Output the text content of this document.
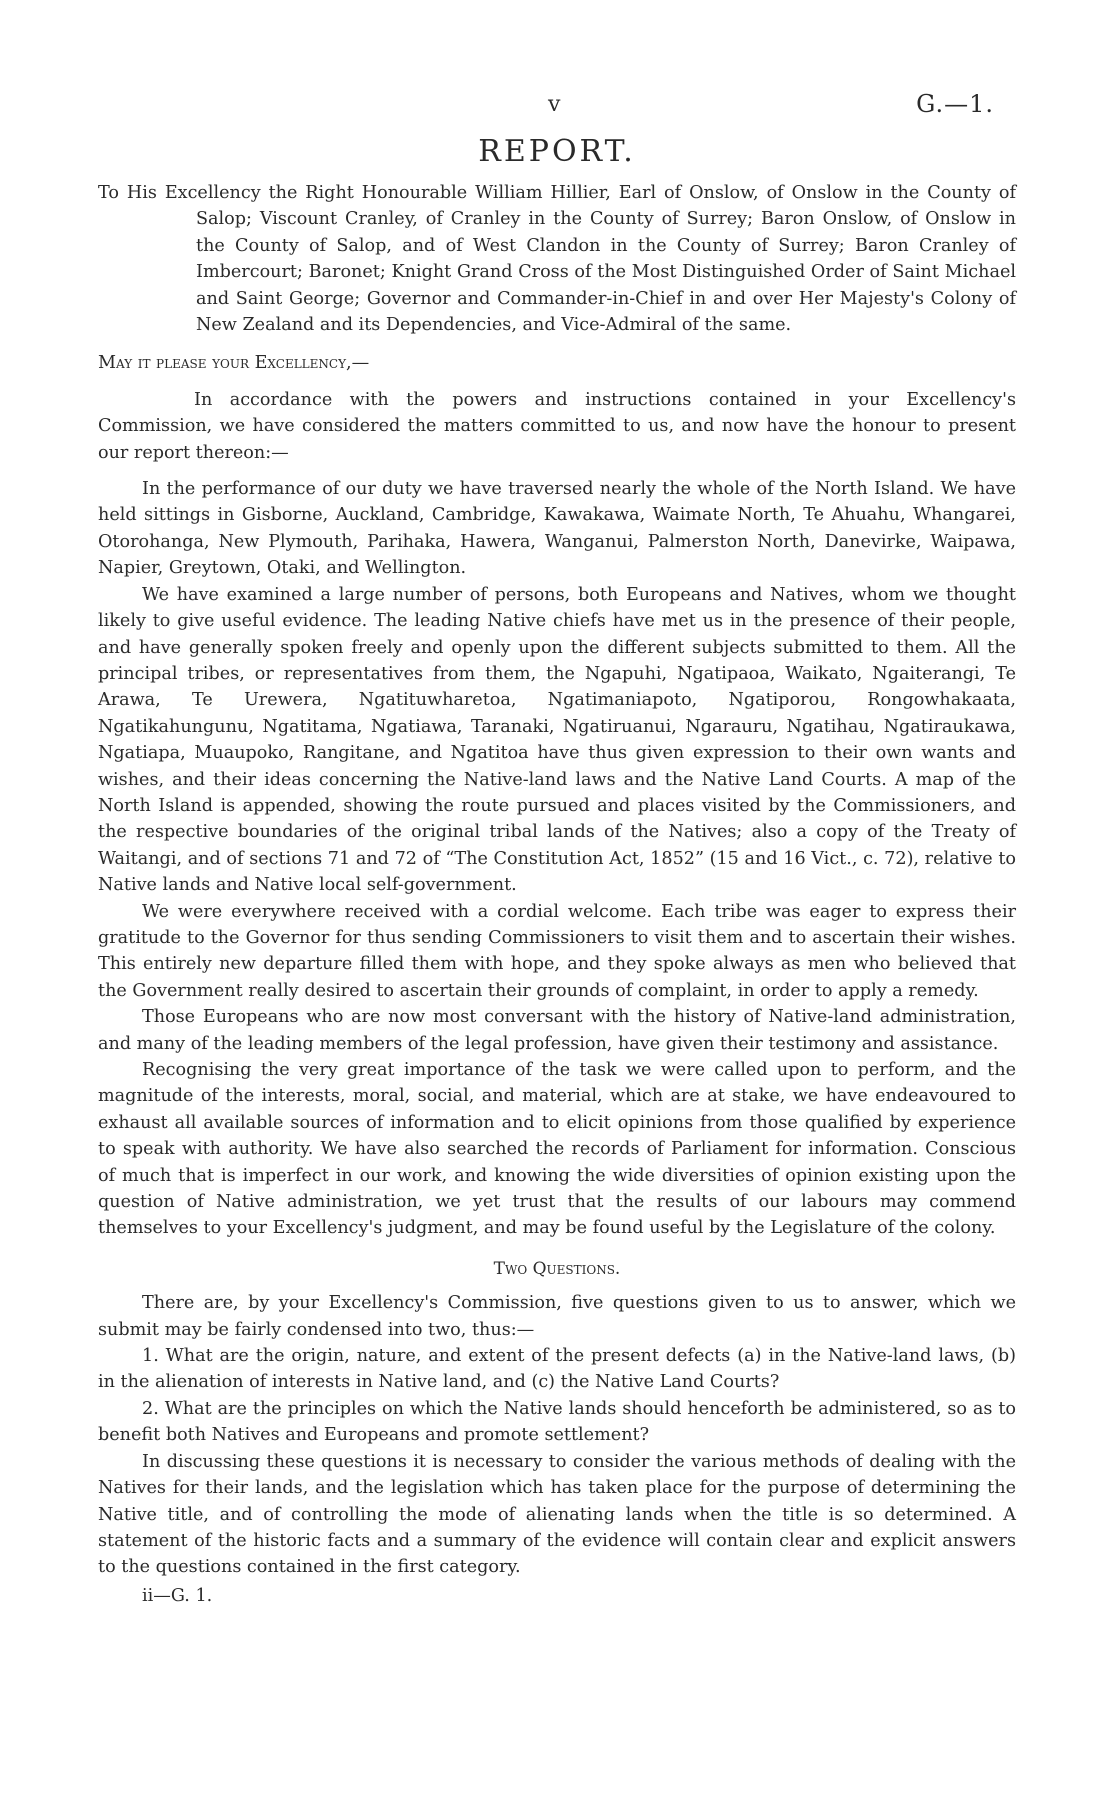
v	G.—1.
REPORT.
To His Excellency the Right Honourable William Hillier, Earl of Onslow, of Onslow in the County of Salop; Viscount Cranley, of Cranley in the County of Surrey; Baron Onslow, of Onslow in the County of Salop, and of West Clandon in the County of Surrey; Baron Cranley of Imbercourt; Baronet; Knight Grand Cross of the Most Distinguished Order of Saint Michael and Saint George; Governor and Commander-in-Chief in and over Her Majesty's Colony of New Zealand and its Dependencies, and Vice-Admiral of the same.
May it please your Excellency,—

In accordance with the powers and instructions contained in your Excellency's Commission, we have considered the matters committed to us, and now have the honour to present our report thereon:—

In the performance of our duty we have traversed nearly the whole of the North Island. We have held sittings in Gisborne, Auckland, Cambridge, Kawakawa, Waimate North, Te Ahuahu, Whangarei, Otorohanga, New Plymouth, Parihaka, Hawera, Wanganui, Palmerston North, Danevirke, Waipawa, Napier, Greytown, Otaki, and Wellington.

We have examined a large number of persons, both Europeans and Natives, whom we thought likely to give useful evidence. The leading Native chiefs have met us in the presence of their people, and have generally spoken freely and openly upon the different subjects submitted to them. All the principal tribes, or representatives from them, the Ngapuhi, Ngatipaoa, Waikato, Ngaiterangi, Te Arawa, Te Urewera, Ngatituwharetoa, Ngatimaniapoto, Ngatiporou, Rongowhakaata, Ngatikahungunu, Ngatitama, Ngatiawa, Taranaki, Ngatiruanui, Ngarauru, Ngatihau, Ngatiraukawa, Ngatiapa, Muaupoko, Rangitane, and Ngatitoa have thus given expression to their own wants and wishes, and their ideas concerning the Native-land laws and the Native Land Courts. A map of the North Island is appended, showing the route pursued and places visited by the Commissioners, and the respective boundaries of the original tribal lands of the Natives; also a copy of the Treaty of Waitangi, and of sections 71 and 72 of “The Constitution Act, 1852” (15 and 16 Vict., c. 72), relative to Native lands and Native local self-government.

We were everywhere received with a cordial welcome. Each tribe was eager to express their gratitude to the Governor for thus sending Commissioners to visit them and to ascertain their wishes. This entirely new departure filled them with hope, and they spoke always as men who believed that the Government really desired to ascertain their grounds of complaint, in order to apply a remedy.

Those Europeans who are now most conversant with the history of Native-land administration, and many of the leading members of the legal profession, have given their testimony and assistance.

Recognising the very great importance of the task we were called upon to perform, and the magnitude of the interests, moral, social, and material, which are at stake, we have endeavoured to exhaust all available sources of information and to elicit opinions from those qualified by experience to speak with authority. We have also searched the records of Parliament for information. Conscious of much that is imperfect in our work, and knowing the wide diversities of opinion existing upon the question of Native administration, we yet trust that the results of our labours may commend themselves to your Excellency's judgment, and may be found useful by the Legislature of the colony.

Two Questions.

There are, by your Excellency's Commission, five questions given to us to answer, which we submit may be fairly condensed into two, thus:—

1. What are the origin, nature, and extent of the present defects (a) in the Native-land laws, (b) in the alienation of interests in Native land, and (c) the Native Land Courts?

2. What are the principles on which the Native lands should henceforth be administered, so as to benefit both Natives and Europeans and promote settlement?

In discussing these questions it is necessary to consider the various methods of dealing with the Natives for their lands, and the legislation which has taken place for the purpose of determining the Native title, and of controlling the mode of alienating lands when the title is so determined. A statement of the historic facts and a summary of the evidence will contain clear and explicit answers to the questions contained in the first category.

ii—G. 1.
